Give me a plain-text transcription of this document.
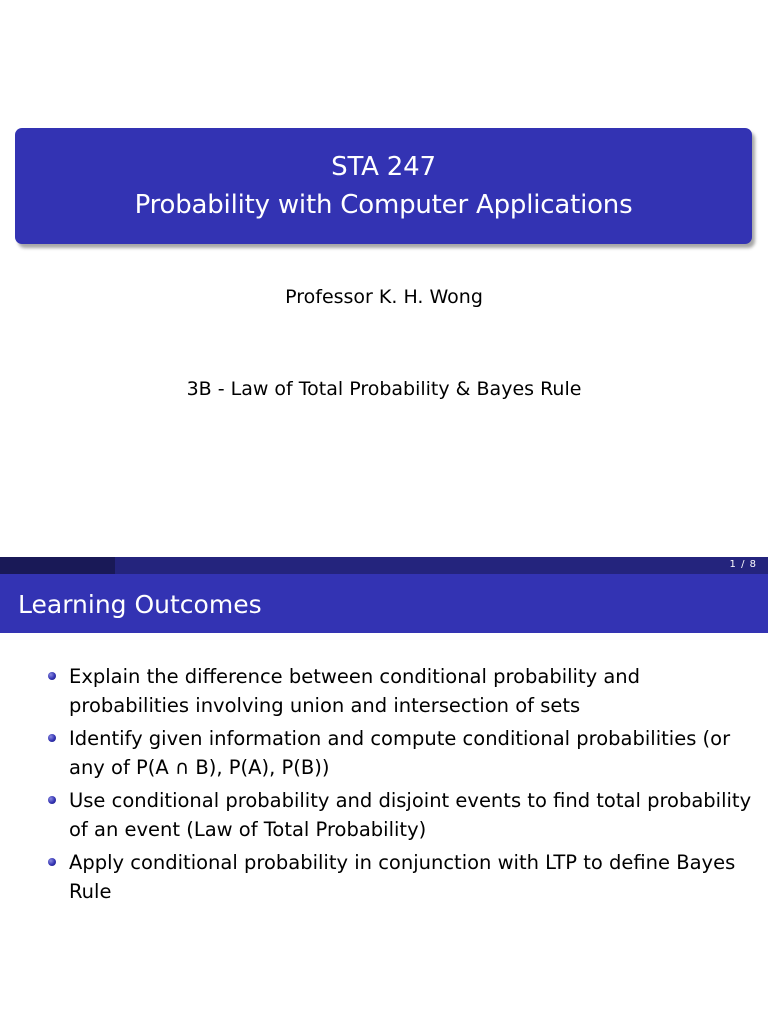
STA 247
Probability with Computer Applications
Professor K. H. Wong
3B - Law of Total Probability & Bayes Rule
1 / 8
Learning Outcomes
Explain the difference between conditional probability and probabilities involving union and intersection of sets
Identify given information and compute conditional probabilities (or any of P(A ∩ B), P(A), P(B))
Use conditional probability and disjoint events to find total probability of an event (Law of Total Probability)
Apply conditional probability in conjunction with LTP to define Bayes Rule
